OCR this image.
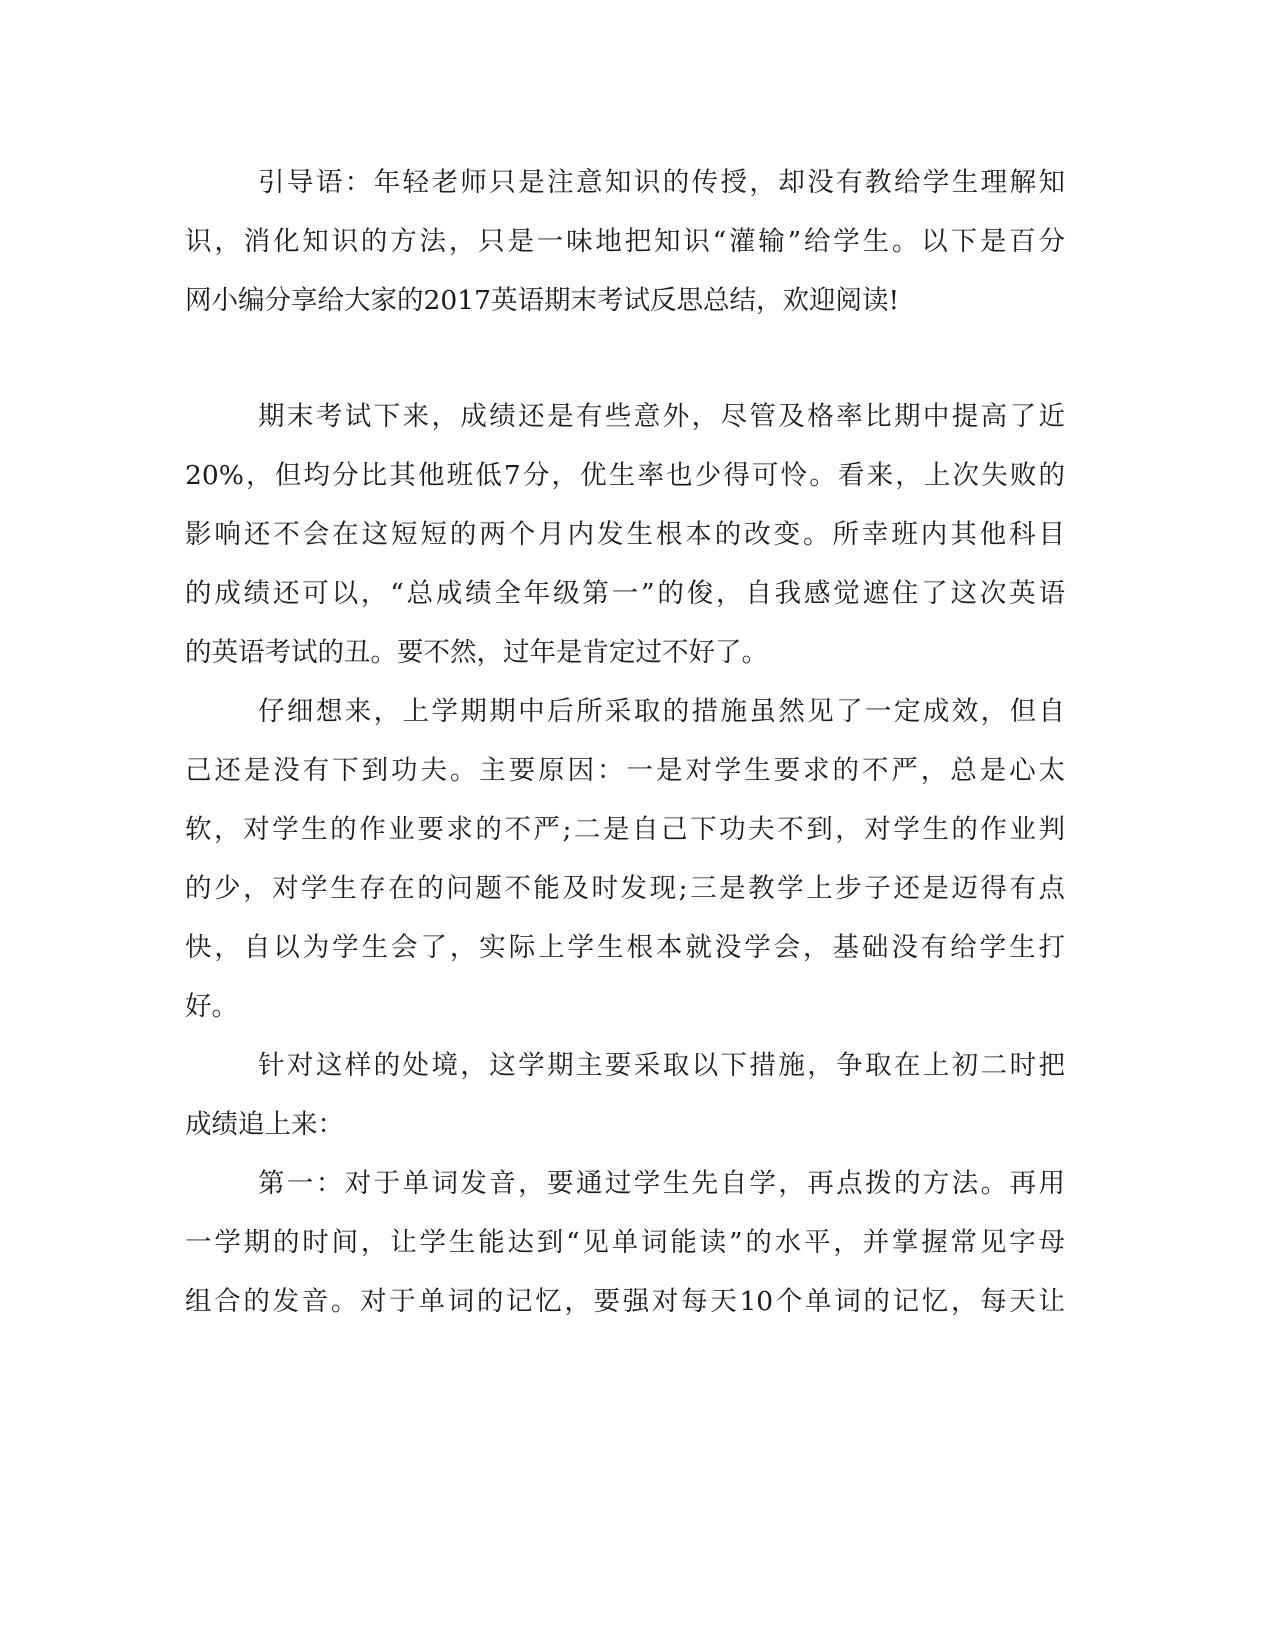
引导语：年轻老师只是注意知识的传授，却没有教给学生理解知
识，消化知识的方法，只是一味地把知识“灌输”给学生。以下是百分
网小编分享给大家的2017英语期末考试反思总结，欢迎阅读!
期末考试下来，成绩还是有些意外，尽管及格率比期中提高了近
20%，但均分比其他班低7分，优生率也少得可怜。看来，上次失败的
影响还不会在这短短的两个月内发生根本的改变。所幸班内其他科目
的成绩还可以，“总成绩全年级第一”的俊，自我感觉遮住了这次英语
的英语考试的丑。要不然，过年是肯定过不好了。
仔细想来，上学期期中后所采取的措施虽然见了一定成效，但自
己还是没有下到功夫。主要原因：一是对学生要求的不严，总是心太
软，对学生的作业要求的不严;二是自己下功夫不到，对学生的作业判
的少，对学生存在的问题不能及时发现;三是教学上步子还是迈得有点
快，自以为学生会了，实际上学生根本就没学会，基础没有给学生打
好。
针对这样的处境，这学期主要采取以下措施，争取在上初二时把
成绩追上来：
第一：对于单词发音，要通过学生先自学，再点拨的方法。再用
一学期的时间，让学生能达到“见单词能读”的水平，并掌握常见字母
组合的发音。对于单词的记忆，要强对每天10个单词的记忆，每天让
